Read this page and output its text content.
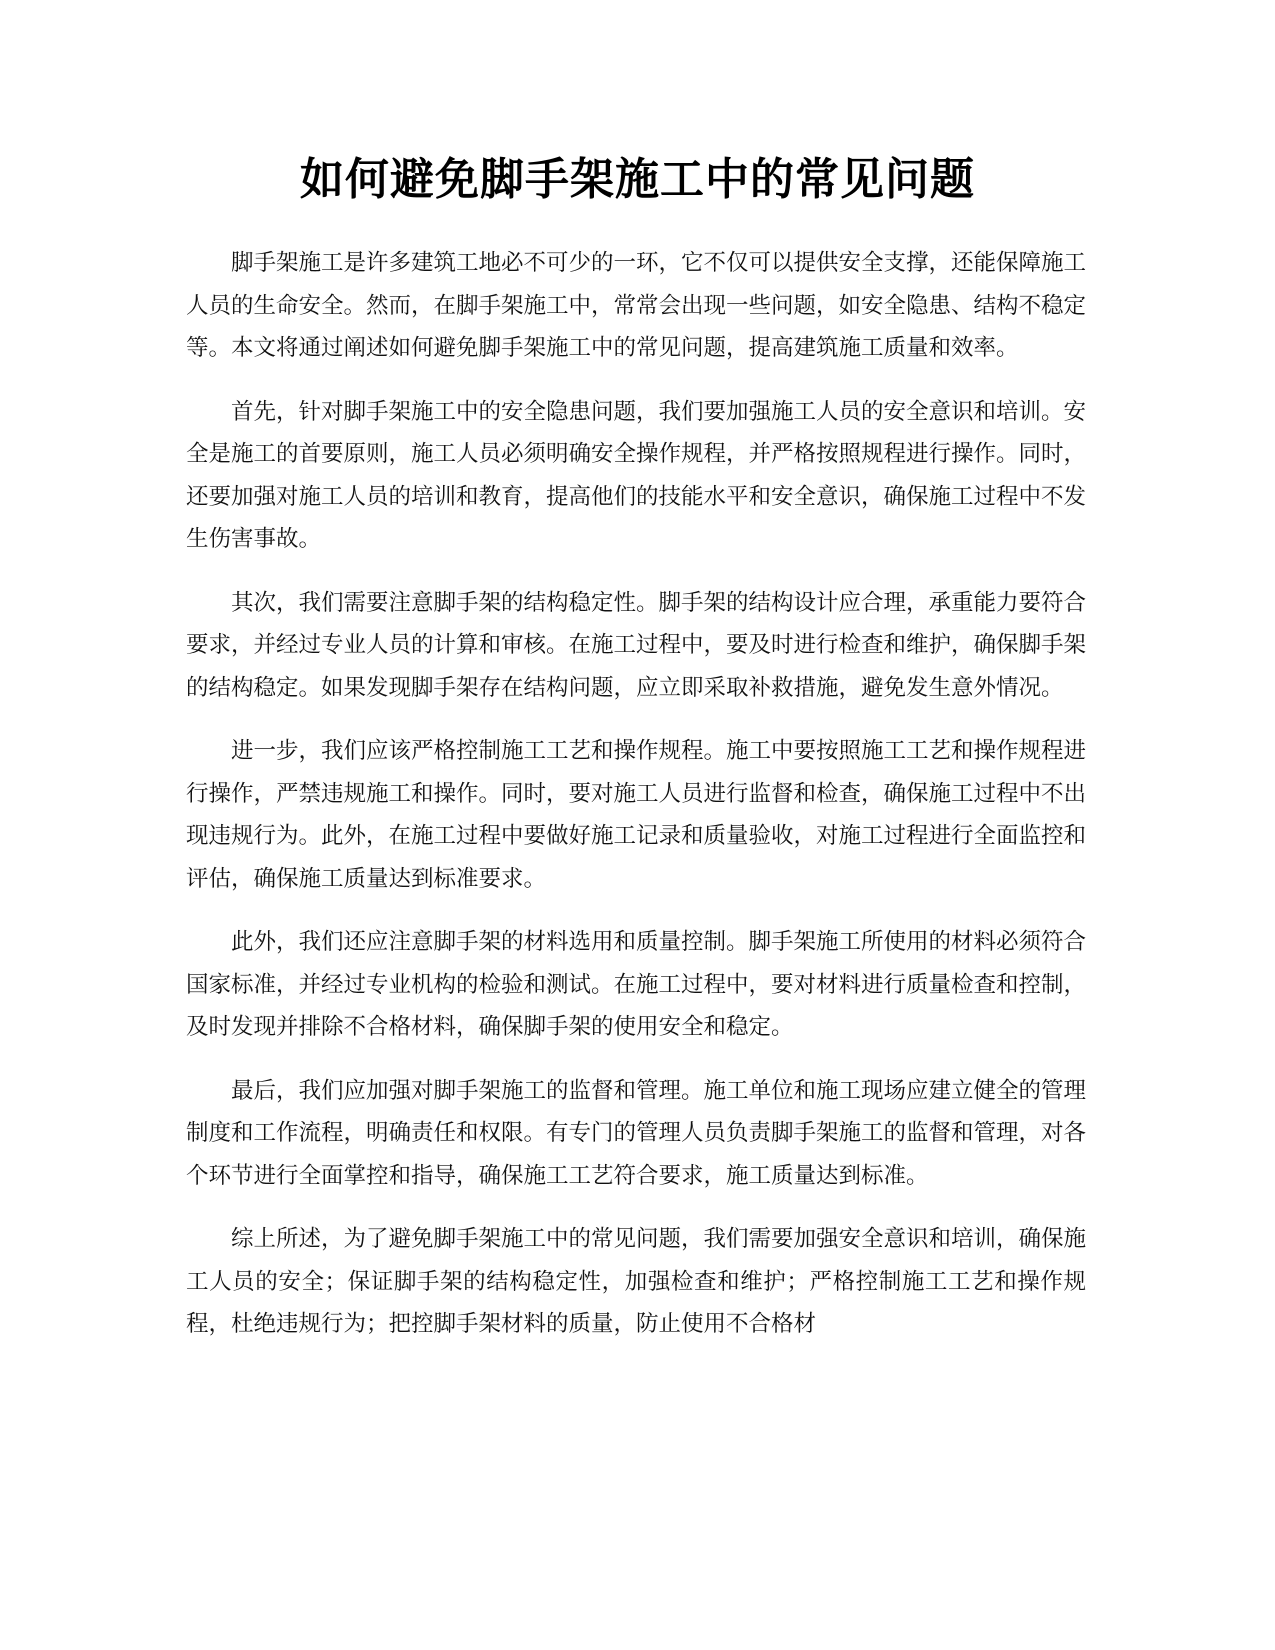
如何避免脚手架施工中的常见问题

脚手架施工是许多建筑工地必不可少的一环，它不仅可以提供安全支撑，还能保障施工人员的生命安全。然而，在脚手架施工中，常常会出现一些问题，如安全隐患、结构不稳定等。本文将通过阐述如何避免脚手架施工中的常见问题，提高建筑施工质量和效率。

首先，针对脚手架施工中的安全隐患问题，我们要加强施工人员的安全意识和培训。安全是施工的首要原则，施工人员必须明确安全操作规程，并严格按照规程进行操作。同时，还要加强对施工人员的培训和教育，提高他们的技能水平和安全意识，确保施工过程中不发生伤害事故。

其次，我们需要注意脚手架的结构稳定性。脚手架的结构设计应合理，承重能力要符合要求，并经过专业人员的计算和审核。在施工过程中，要及时进行检查和维护，确保脚手架的结构稳定。如果发现脚手架存在结构问题，应立即采取补救措施，避免发生意外情况。

进一步，我们应该严格控制施工工艺和操作规程。施工中要按照施工工艺和操作规程进行操作，严禁违规施工和操作。同时，要对施工人员进行监督和检查，确保施工过程中不出现违规行为。此外，在施工过程中要做好施工记录和质量验收，对施工过程进行全面监控和评估，确保施工质量达到标准要求。

此外，我们还应注意脚手架的材料选用和质量控制。脚手架施工所使用的材料必须符合国家标准，并经过专业机构的检验和测试。在施工过程中，要对材料进行质量检查和控制，及时发现并排除不合格材料，确保脚手架的使用安全和稳定。

最后，我们应加强对脚手架施工的监督和管理。施工单位和施工现场应建立健全的管理制度和工作流程，明确责任和权限。有专门的管理人员负责脚手架施工的监督和管理，对各个环节进行全面掌控和指导，确保施工工艺符合要求，施工质量达到标准。

综上所述，为了避免脚手架施工中的常见问题，我们需要加强安全意识和培训，确保施工人员的安全；保证脚手架的结构稳定性，加强检查和维护；严格控制施工工艺和操作规程，杜绝违规行为；把控脚手架材料的质量，防止使用不合格材
